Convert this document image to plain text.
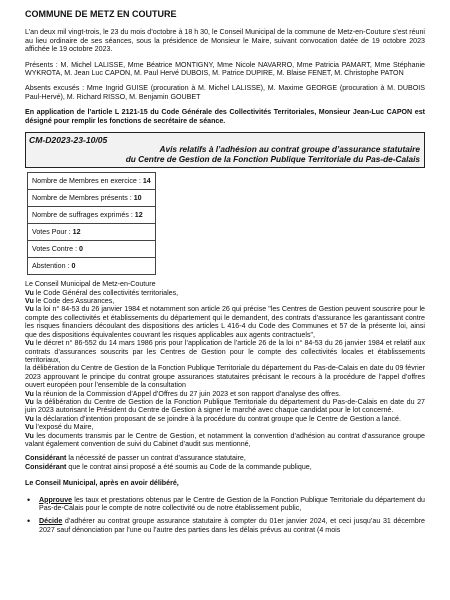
COMMUNE DE METZ EN COUTURE

L’an deux mil vingt-trois, le 23 du mois d’octobre à 18 h 30, le Conseil Municipal de la commune de Metz-en-Couture s’est réuni au lieu ordinaire de ses séances, sous la présidence de Monsieur le Maire, suivant convocation datée de 19 octobre 2023 affichée le 19 octobre 2023.

Présents : M. Michel LALISSE, Mme Béatrice MONTIGNY, Mme Nicole NAVARRO, Mme Patricia PAMART, Mme Stéphanie WYKROTA, M. Jean Luc CAPON, M. Paul Hervé DUBOIS, M. Patrice DUPIRE, M. Blaise FENET, M. Christophe PATON

Absents excusés : Mme Ingrid GUISE (procuration à M. Michel LALISSE), M. Maxime GEORGE (procuration à M. DUBOIS Paul-Hervé), M. Richard RISSO, M. Benjamin GOUBET

En application de l’article L 2121-15 du Code Générale des Collectivités Territoriales, Monsieur Jean-Luc CAPON est désigné pour remplir les fonctions de secrétaire de séance.

CM-D2023-23-10/05
Avis relatifs à l’adhésion au contrat groupe d’assurance statutaire
du Centre de Gestion de la Fonction Publique Territoriale du Pas-de-Calais
Nombre de Membres en exercice : 14
Nombre de Membres présents : 10
Nombre de suffrages exprimés : 12
Votes Pour : 12
Votes Contre : 0
Abstention : 0
Le Conseil Municipal de Metz-en-Couture
Vu le Code Général des collectivités territoriales,
Vu le Code des Assurances,
Vu la loi n° 84-53 du 26 janvier 1984 et notamment son article 26 qui précise "les Centres de Gestion peuvent souscrire pour le compte des collectivités et établissements du département qui le demandent, des contrats d’assurance les garantissant contre les risques financiers découlant des dispositions des articles L 416-4 du Code des Communes et 57 de la présente loi, ainsi que des dispositions équivalentes couvrant les risques applicables aux agents contractuels",
Vu le décret n° 86-552 du 14 mars 1986 pris pour l’application de l’article 26 de la loi n° 84-53 du 26 janvier 1984 et relatif aux contrats d’assurances souscrits par les Centres de Gestion pour le compte des collectivités locales et établissements territoriaux,
la délibération du Centre de Gestion de la Fonction Publique Territoriale du département du Pas-de-Calais en date du 09 février 2023 approuvant le principe du contrat groupe assurances statutaires précisant le recours à la procédure de l’appel d’offres ouvert européen pour l’ensemble de la consultation
Vu la réunion de la Commission d’Appel d’Offres du 27 juin 2023 et son rapport d’analyse des offres.
Vu la délibération du Centre de Gestion de la Fonction Publique Territoriale du département du Pas-de-Calais en date du 27 juin 2023 autorisant le Président du Centre de Gestion à signer le marché avec chaque candidat pour le lot concerné.
Vu la déclaration d’intention proposant de se joindre à la procédure du contrat groupe que le Centre de Gestion a lancé.
Vu l’exposé du Maire,
Vu les documents transmis par le Centre de Gestion, et notamment la convention d’adhésion au contrat d’assurance groupe valant également convention de suivi du Cabinet d’audit sus mentionné,
Considérant la nécessité de passer un contrat d’assurance statutaire,
Considérant que le contrat ainsi proposé a été soumis au Code de la commande publique,
Le Conseil Municipal, après en avoir délibéré,
• Approuve les taux et prestations obtenus par le Centre de Gestion de la Fonction Publique Territoriale du département du Pas-de-Calais pour le compte de notre collectivité ou de notre établissement public,
• Décide d’adhérer au contrat groupe assurance statutaire à compter du 01er janvier 2024, et ceci jusqu’au 31 décembre 2027 sauf dénonciation par l’une ou l’autre des parties dans les délais prévus au contrat (4 mois
